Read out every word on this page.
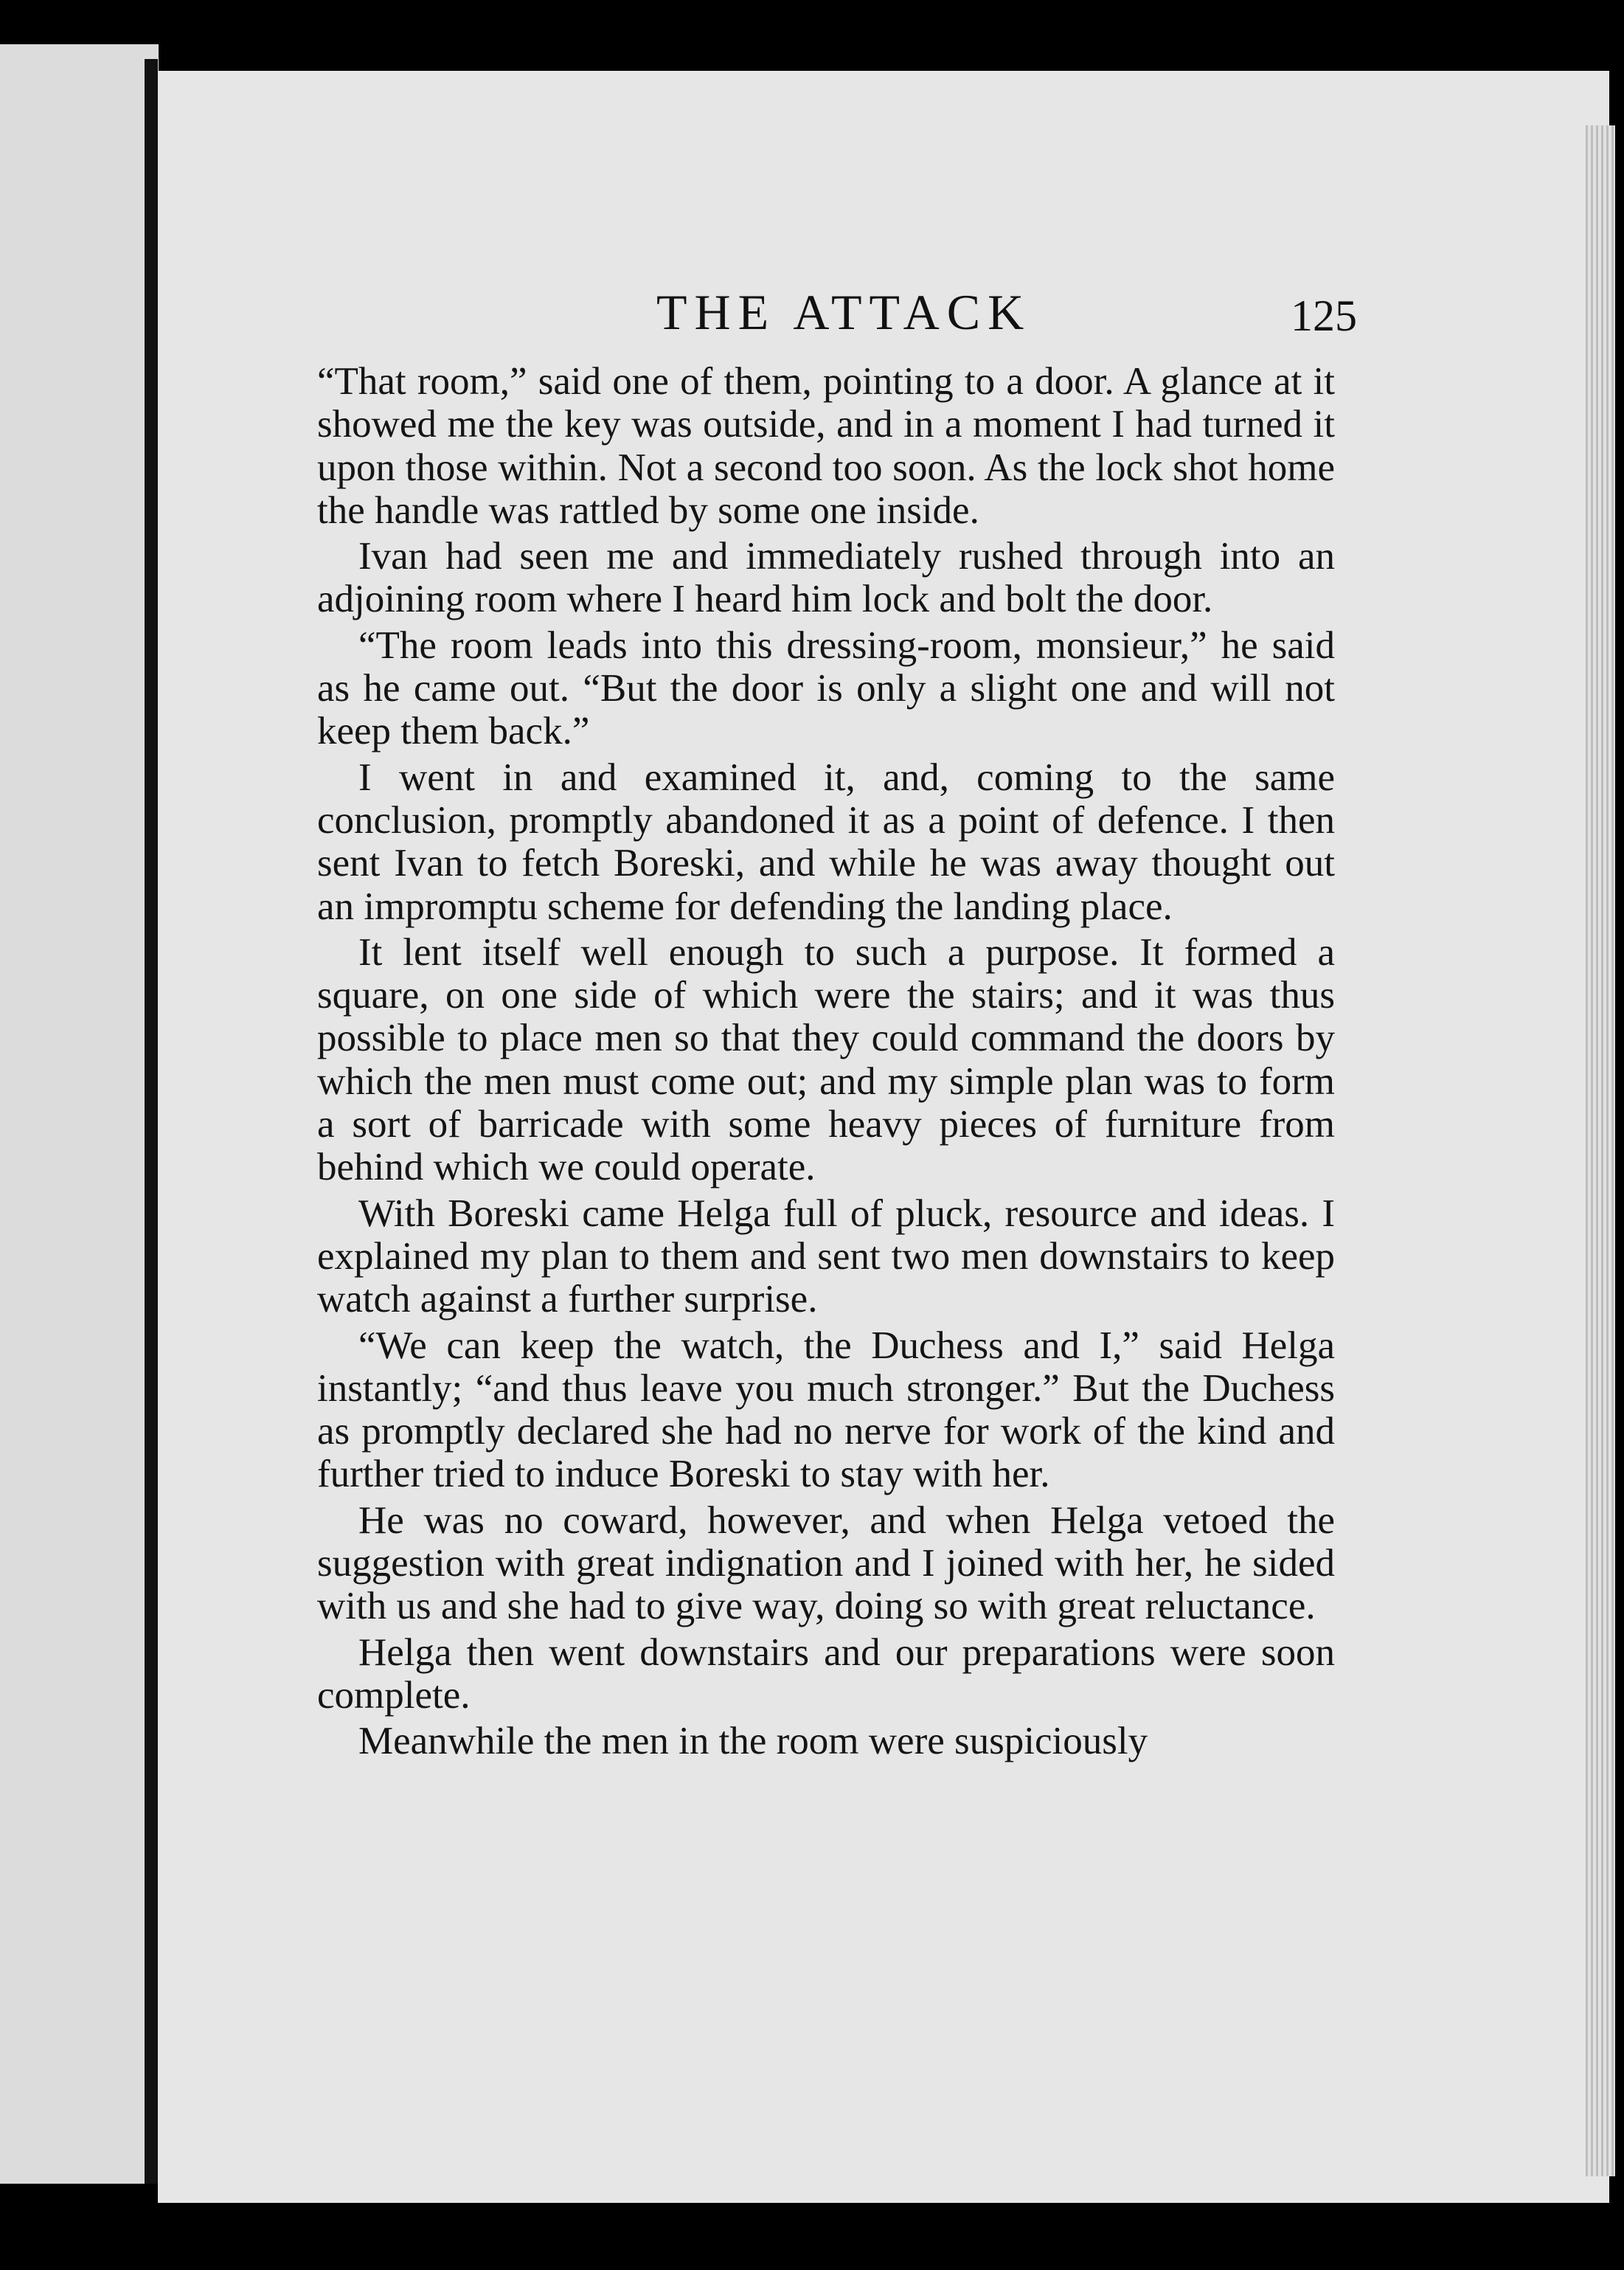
THE ATTACK	125

“That room,” said one of them, pointing to a door. A glance at it showed me the key was outside, and in a moment I had turned it upon those within. Not a second too soon. As the lock shot home the handle was rattled by some one inside.

Ivan had seen me and immediately rushed through into an adjoining room where I heard him lock and bolt the door.

“The room leads into this dressing-room, monsieur,” he said as he came out. “But the door is only a slight one and will not keep them back.”

I went in and examined it, and, coming to the same conclusion, promptly abandoned it as a point of defence. I then sent Ivan to fetch Boreski, and while he was away thought out an impromptu scheme for defending the landing place.

It lent itself well enough to such a purpose. It formed a square, on one side of which were the stairs; and it was thus possible to place men so that they could command the doors by which the men must come out; and my simple plan was to form a sort of barricade with some heavy pieces of furniture from behind which we could operate.

With Boreski came Helga full of pluck, resource and ideas. I explained my plan to them and sent two men downstairs to keep watch against a further surprise.

“We can keep the watch, the Duchess and I,” said Helga instantly; “and thus leave you much stronger.” But the Duchess as promptly declared she had no nerve for work of the kind and further tried to induce Boreski to stay with her.

He was no coward, however, and when Helga vetoed the suggestion with great indignation and I joined with her, he sided with us and she had to give way, doing so with great reluctance.

Helga then went downstairs and our preparations were soon complete.

Meanwhile the men in the room were suspiciously
